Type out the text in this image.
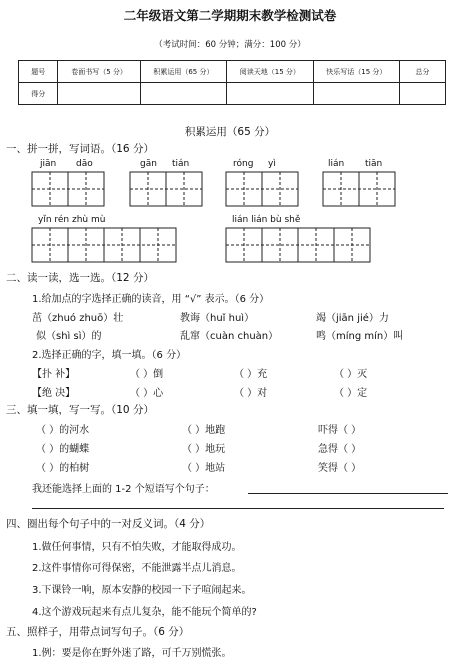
二年级语文第二学期期末教学检测试卷
（考试时间：60 分钟；满分：100 分）
题号	卷面书写（5 分）	积累运用（65 分）	阅读天地（15 分）	快乐写话（15 分）	总分
得分					
积累运用（65 分）
一、拼一拼，写词语。（16 分）
jiān dāo	gān tián	róng yì	lián tiān
yǐn rén zhù mù	lián lián bù shě
二、读一读，选一选。（12 分）
1.给加点的字选择正确的读音，用 “√” 表示。（6 分）
茁（zhuó zhuō）壮	教诲（huǐ huì）	竭（jiān jié）力
似（shì sì）的	乱窜（cuàn chuàn）	鸣（míng mín）叫
2.选择正确的字，填一填。（6 分）
【扑 补】	（ ）倒	（ ）充	（ ）灭
【绝 决】	（ ）心	（ ）对	（ ）定
三、填一填，写一写。（10 分）
（ ）的河水	（ ）地跑	吓得（ ）
（ ）的蝴蝶	（ ）地玩	急得（ ）
（ ）的柏树	（ ）地站	笑得（ ）
我还能选择上面的 1-2 个短语写个句子：
四、圈出每个句子中的一对反义词。（4 分）
1.做任何事情，只有不怕失败，才能取得成功。
2.这件事情你可得保密，不能泄露半点儿消息。
3.下课铃一响，原本安静的校园一下子喧闹起来。
4.这个游戏玩起来有点儿复杂，能不能玩个简单的?
五、照样子，用带点词写句子。（6 分）
1.例：要是你在野外迷了路，可千万别慌张。
